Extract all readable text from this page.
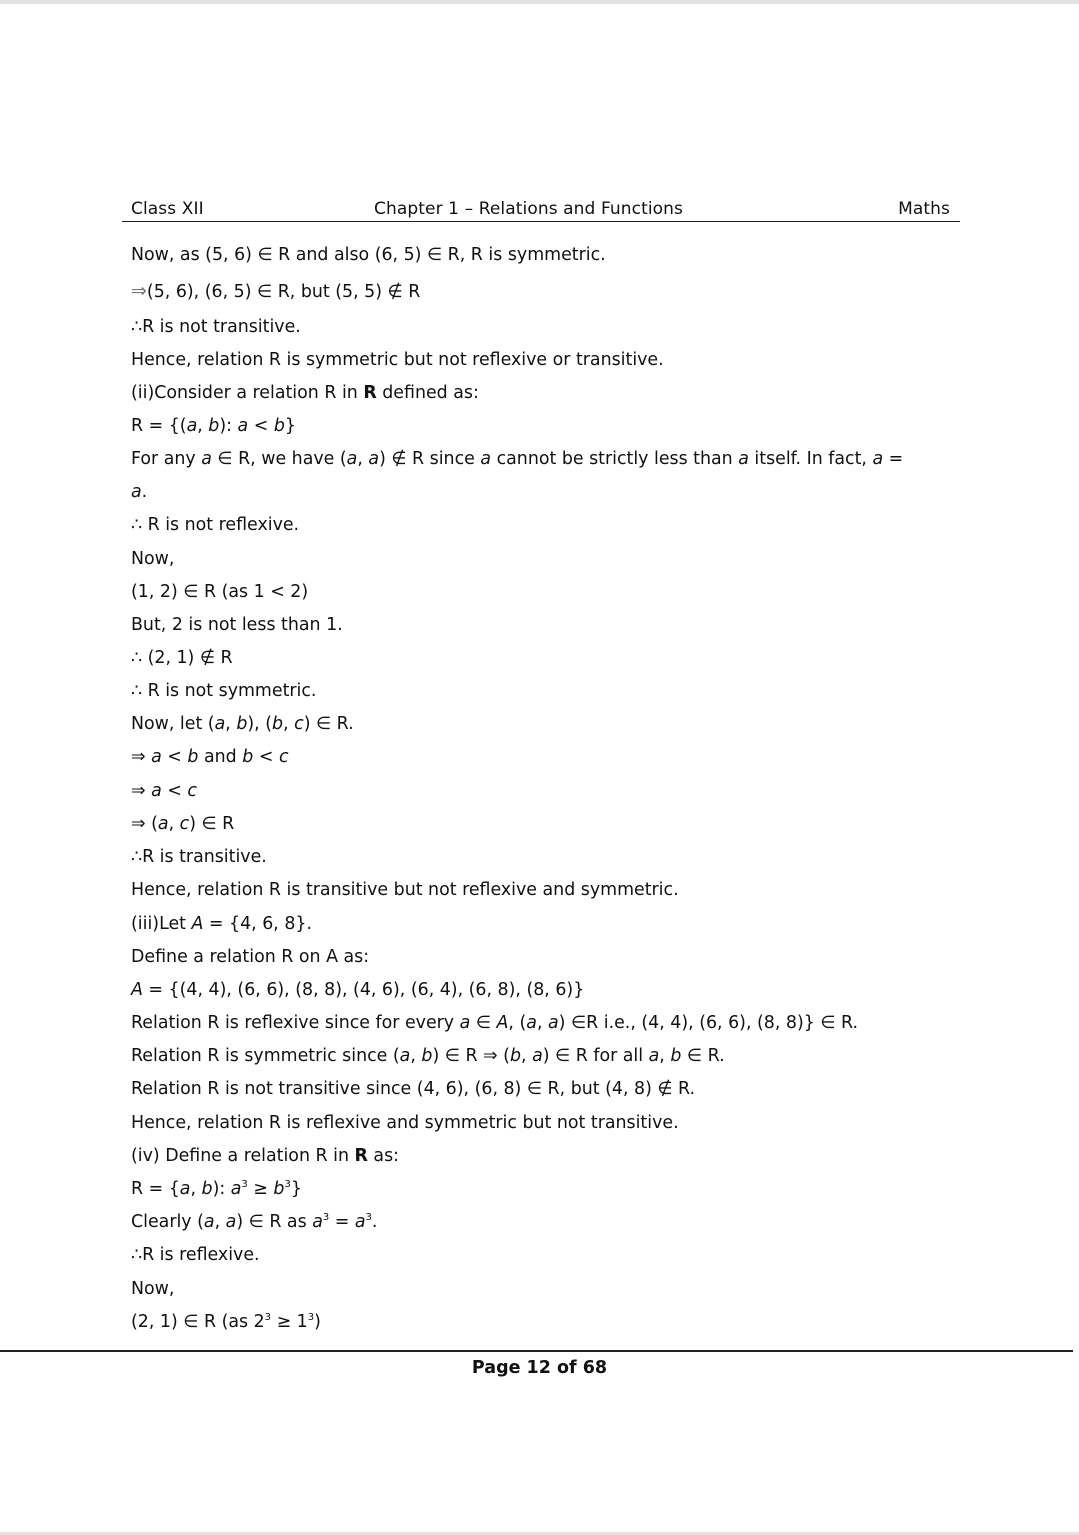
Class XII	Chapter 1 – Relations and Functions	Maths
Now, as (5, 6) ∈ R and also (6, 5) ∈ R, R is symmetric.
⇒(5, 6), (6, 5) ∈ R, but (5, 5) ∉ R
∴R is not transitive.
Hence, relation R is symmetric but not reflexive or transitive.
(ii)Consider a relation R in R defined as:
R = {(a, b): a < b}
For any a ∈ R, we have (a, a) ∉ R since a cannot be strictly less than a itself. In fact, a =
a.
∴ R is not reflexive.
Now,
(1, 2) ∈ R (as 1 < 2)
But, 2 is not less than 1.
∴ (2, 1) ∉ R
∴ R is not symmetric.
Now, let (a, b), (b, c) ∈ R.
⇒ a < b and b < c
⇒ a < c
⇒ (a, c) ∈ R
∴R is transitive.
Hence, relation R is transitive but not reflexive and symmetric.
(iii)Let A = {4, 6, 8}.
Define a relation R on A as:
A = {(4, 4), (6, 6), (8, 8), (4, 6), (6, 4), (6, 8), (8, 6)}
Relation R is reflexive since for every a ∈ A, (a, a) ∈R i.e., (4, 4), (6, 6), (8, 8)} ∈ R.
Relation R is symmetric since (a, b) ∈ R ⇒ (b, a) ∈ R for all a, b ∈ R.
Relation R is not transitive since (4, 6), (6, 8) ∈ R, but (4, 8) ∉ R.
Hence, relation R is reflexive and symmetric but not transitive.
(iv) Define a relation R in R as:
R = {a, b): $a^3 \ge b^3$}
Clearly (a, a) ∈ R as $a^3 = a^3$.
∴R is reflexive.
Now,
(2, 1) ∈ R (as $2^3 \ge 1^3$)
Page 12 of 68
